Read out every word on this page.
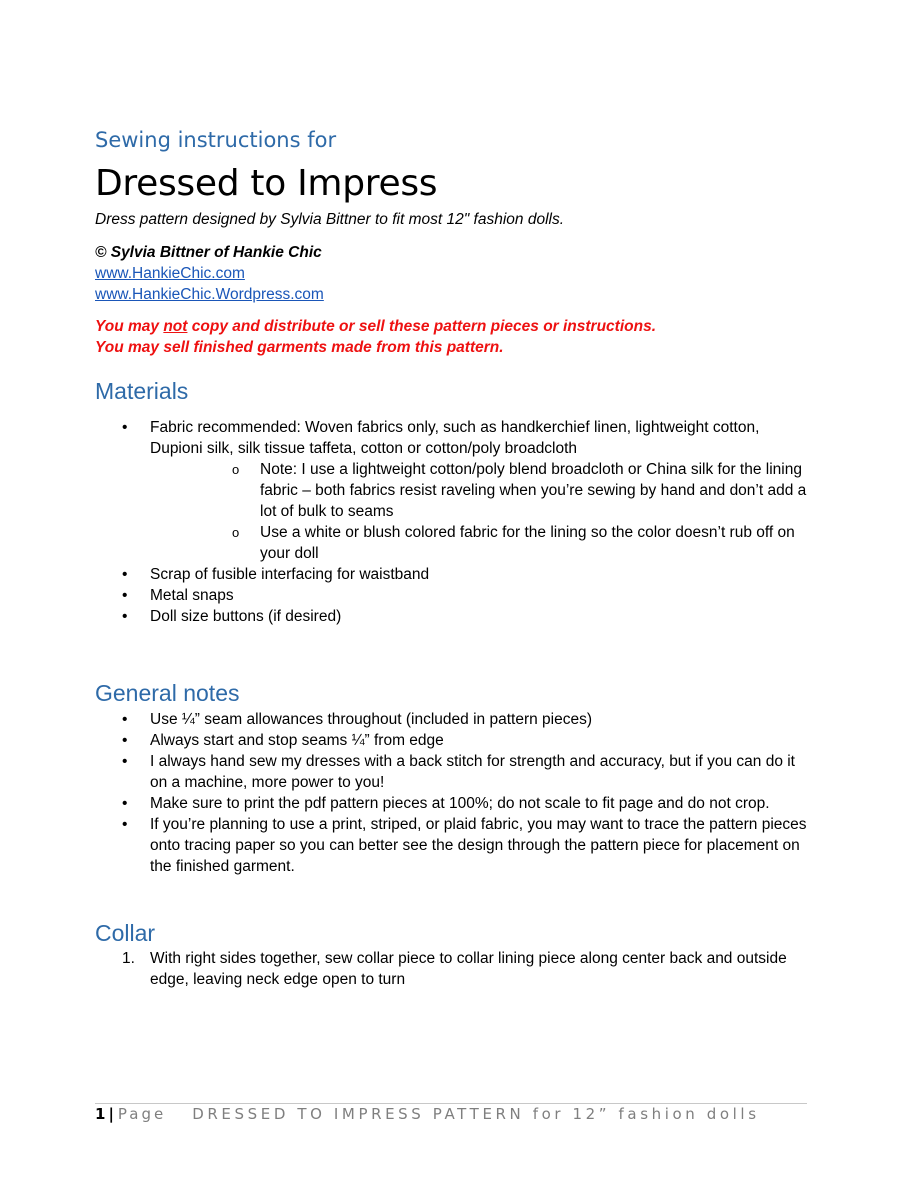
Sewing instructions for
Dressed to Impress

Dress pattern designed by Sylvia Bittner to fit most 12" fashion dolls.

© Sylvia Bittner of Hankie Chic

www.HankieChic.com
www.HankieChic.Wordpress.com

You may not copy and distribute or sell these pattern pieces or instructions.

You may sell finished garments made from this pattern.

Materials
• Fabric recommended: Woven fabrics only, such as handkerchief linen, lightweight cotton, Dupioni silk, silk tissue taffeta, cotton or cotton/poly broadcloth
o Note: I use a lightweight cotton/poly blend broadcloth or China silk for the lining fabric – both fabrics resist raveling when you’re sewing by hand and don’t add a lot of bulk to seams
o Use a white or blush colored fabric for the lining so the color doesn’t rub off on your doll
• Scrap of fusible interfacing for waistband
• Metal snaps
• Doll size buttons (if desired)
General notes
• Use ¼” seam allowances throughout (included in pattern pieces)
• Always start and stop seams ¼” from edge
• I always hand sew my dresses with a back stitch for strength and accuracy, but if you can do it on a machine, more power to you!
• Make sure to print the pdf pattern pieces at 100%; do not scale to fit page and do not crop.
• If you’re planning to use a print, striped, or plaid fabric, you may want to trace the pattern pieces onto tracing paper so you can better see the design through the pattern piece for placement on the finished garment.
Collar
1. With right sides together, sew collar piece to collar lining piece along center back and outside edge, leaving neck edge open to turn
1 | Page DRESSED TO IMPRESS PATTERN for 12” fashion dolls
